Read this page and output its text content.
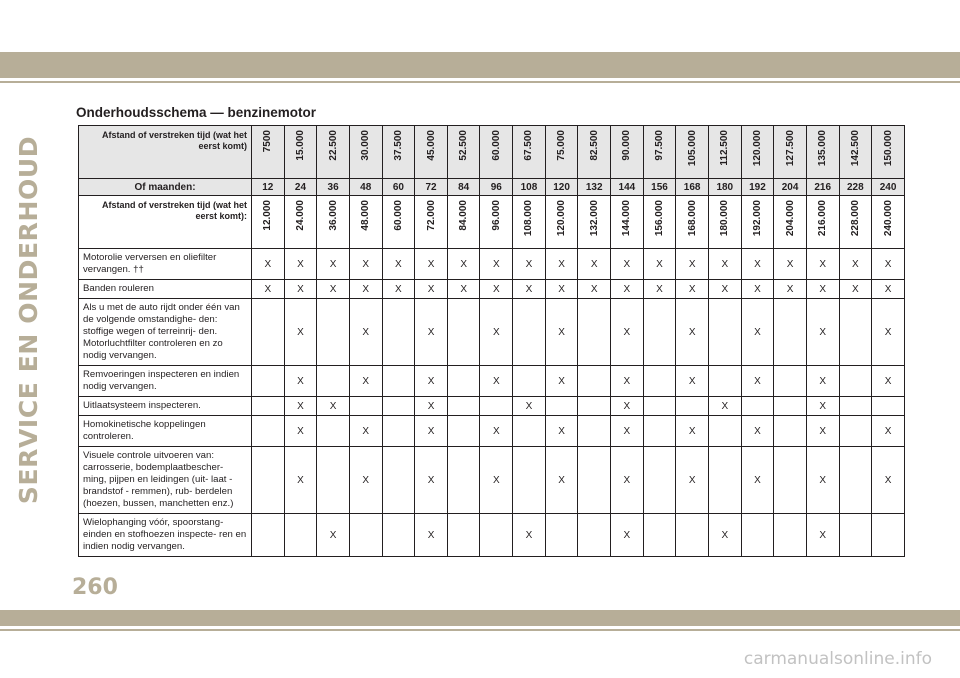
SERVICE EN ONDERHOUD
Onderhoudsschema — benzinemotor
Afstand of verstreken tijd (wat het eerst komt)	7500	15.000	22.500	30.000	37.500	45.000	52.500	60.000	67.500	75.000	82.500	90.000	97.500	105.000	112.500	120.000	127.500	135.000	142.500	150.000
Of maanden:	12	24	36	48	60	72	84	96	108	120	132	144	156	168	180	192	204	216	228	240
Afstand of verstreken tijd (wat het eerst komt):	12.000	24.000	36.000	48.000	60.000	72.000	84.000	96.000	108.000	120.000	132.000	144.000	156.000	168.000	180.000	192.000	204.000	216.000	228.000	240.000
Motorolie verversen en oliefilter vervangen. ††	X	X	X	X	X	X	X	X	X	X	X	X	X	X	X	X	X	X	X	X
Banden rouleren	X	X	X	X	X	X	X	X	X	X	X	X	X	X	X	X	X	X	X	X
Als u met de auto rijdt onder één van de volgende omstandighe- den: stoffige wegen of terreinrij- den. Motorluchtfilter controleren en zo nodig vervangen.		X		X		X		X		X		X		X		X		X		X
Remvoeringen inspecteren en indien nodig vervangen.		X		X		X		X		X		X		X		X		X		X
Uitlaatsysteem inspecteren.		X	X			X			X			X			X			X		
Homokinetische koppelingen controleren.		X		X		X		X		X		X		X		X		X		X
Visuele controle uitvoeren van: carrosserie, bodemplaatbescher- ming, pijpen en leidingen (uit- laat - brandstof - remmen), rub- berdelen (hoezen, bussen, manchetten enz.)		X		X		X		X		X		X		X		X		X		X
Wielophanging vóór, spoorstang- einden en stofhoezen inspecte- ren en indien nodig vervangen.			X			X			X			X			X			X		
260
carmanualsonline.info
